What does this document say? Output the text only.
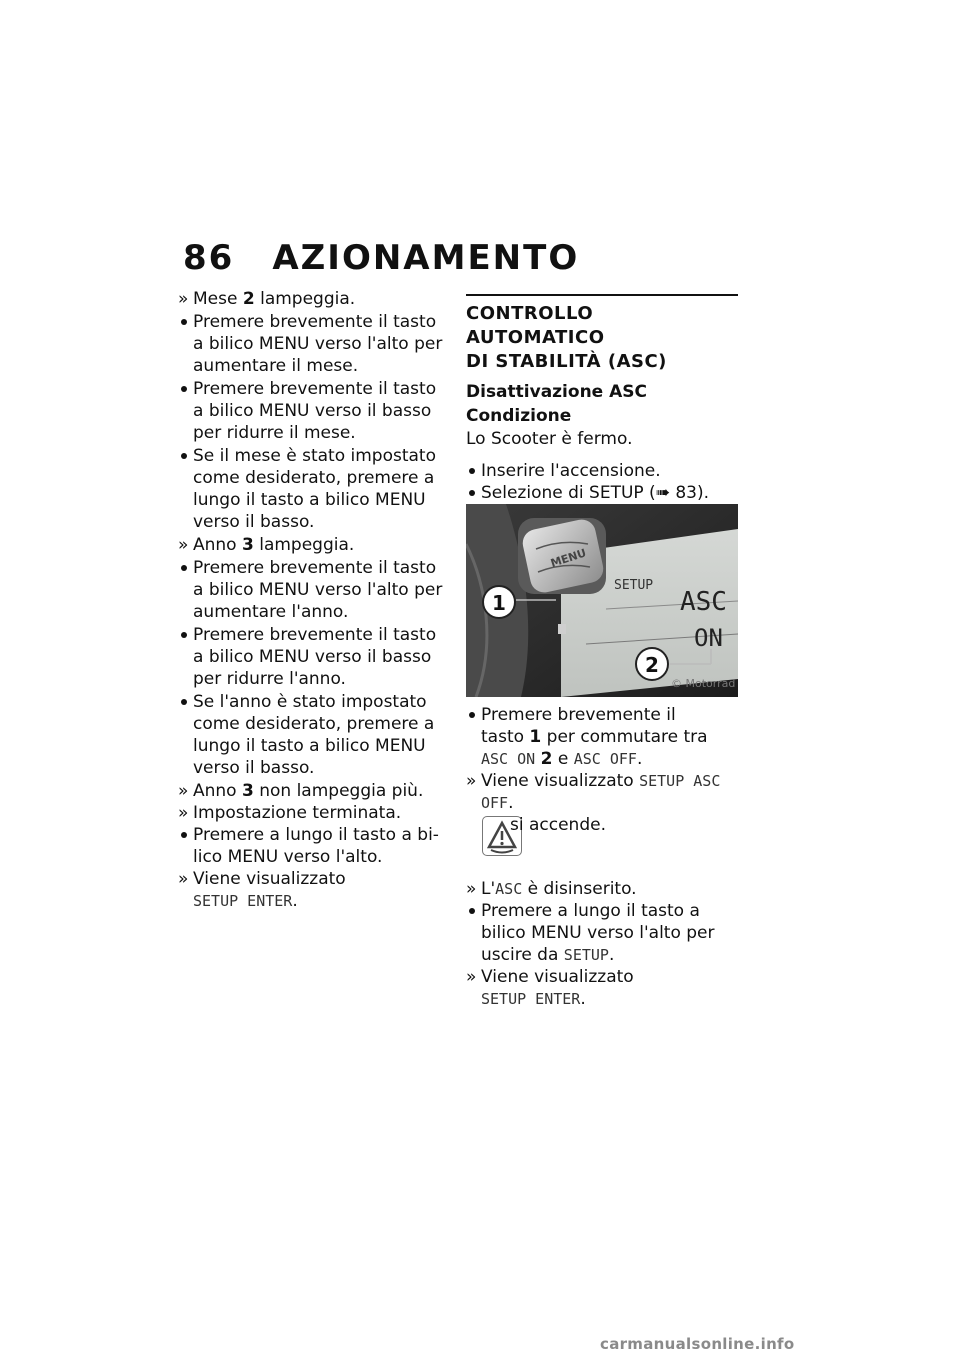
86 AZIONAMENTO
» Mese 2 lampeggia.
Premere brevemente il tasto
a bilico MENU verso l'alto per
aumentare il mese.
Premere brevemente il tasto
a bilico MENU verso il basso
per ridurre il mese.
Se il mese è stato impostato
come desiderato, premere a
lungo il tasto a bilico MENU
verso il basso.
» Anno 3 lampeggia.
Premere brevemente il tasto
a bilico MENU verso l'alto per
aumentare l'anno.
Premere brevemente il tasto
a bilico MENU verso il basso
per ridurre l'anno.
Se l'anno è stato impostato
come desiderato, premere a
lungo il tasto a bilico MENU
verso il basso.
» Anno 3 non lampeggia più.
» Impostazione terminata.
Premere a lungo il tasto a bi-
lico MENU verso l'alto.
» Viene visualizzato
SETUP ENTER.
CONTROLLO AUTOMATICO
DI STABILITÀ (ASC)
Disattivazione ASC
Condizione
Lo Scooter è fermo.
Inserire l'accensione.
Selezione di SETUP (➠ 83).
SETUP
ASC
ON
MENU
1
2
© Motorrad
Premere brevemente il
tasto 1 per commutare tra
ASC ON 2 e ASC OFF.
» Viene visualizzato SETUP ASC
OFF.
si accende.
» L'ASC è disinserito.
Premere a lungo il tasto a
bilico MENU verso l'alto per
uscire da SETUP.
» Viene visualizzato
SETUP ENTER.
carmanualsonline.info
